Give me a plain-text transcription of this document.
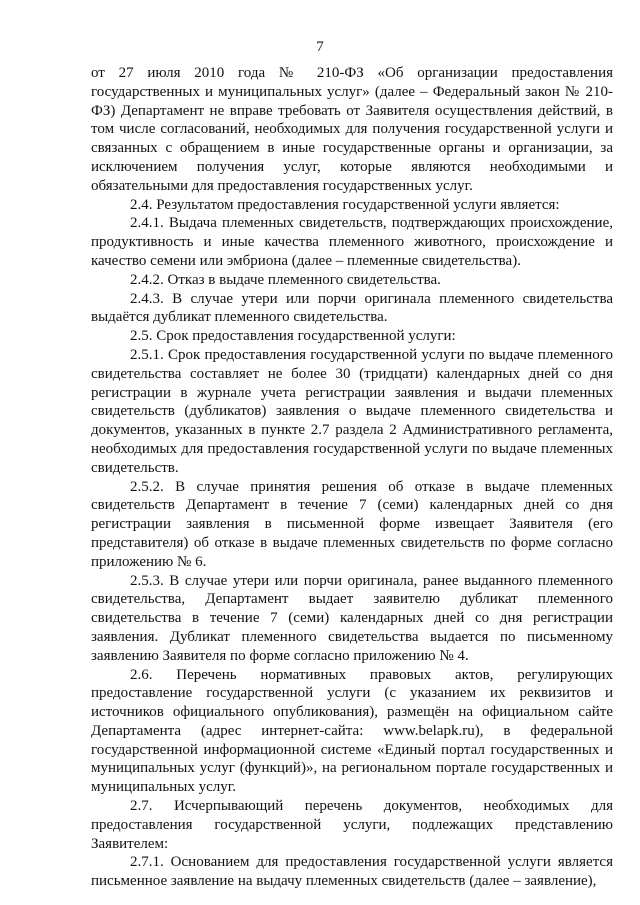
7

от 27 июля 2010 года № 210-ФЗ «Об организации предоставления государственных и муниципальных услуг» (далее – Федеральный закон № 210-ФЗ) Департамент не вправе требовать от Заявителя осуществления действий, в том числе согласований, необходимых для получения государственной услуги и связанных с обращением в иные государственные органы и организации, за исключением получения услуг, которые являются необходимыми и обязательными для предоставления государственных услуг.

2.4. Результатом предоставления государственной услуги является:

2.4.1. Выдача племенных свидетельств, подтверждающих происхождение, продуктивность и иные качества племенного животного, происхождение и качество семени или эмбриона (далее – племенные свидетельства).

2.4.2. Отказ в выдаче племенного свидетельства.

2.4.3. В случае утери или порчи оригинала племенного свидетельства выдаётся дубликат племенного свидетельства.

2.5. Срок предоставления государственной услуги:

2.5.1. Срок предоставления государственной услуги по выдаче племенного свидетельства составляет не более 30 (тридцати) календарных дней со дня регистрации в журнале учета регистрации заявления и выдачи племенных свидетельств (дубликатов) заявления о выдаче племенного свидетельства и документов, указанных в пункте 2.7 раздела 2 Административного регламента, необходимых для предоставления государственной услуги по выдаче племенных свидетельств.

2.5.2. В случае принятия решения об отказе в выдаче племенных свидетельств Департамент в течение 7 (семи) календарных дней со дня регистрации заявления в письменной форме извещает Заявителя (его представителя) об отказе в выдаче племенных свидетельств по форме согласно приложению № 6.

2.5.3. В случае утери или порчи оригинала, ранее выданного племенного свидетельства, Департамент выдает заявителю дубликат племенного свидетельства в течение 7 (семи) календарных дней со дня регистрации заявления. Дубликат племенного свидетельства выдается по письменному заявлению Заявителя по форме согласно приложению № 4.

2.6. Перечень нормативных правовых актов, регулирующих предоставление государственной услуги (с указанием их реквизитов и источников официального опубликования), размещён на официальном сайте Департамента (адрес интернет-сайта: www.belapk.ru), в федеральной государственной информационной системе «Единый портал государственных и муниципальных услуг (функций)», на региональном портале государственных и муниципальных услуг.

2.7. Исчерпывающий перечень документов, необходимых для предоставления государственной услуги, подлежащих представлению Заявителем:

2.7.1. Основанием для предоставления государственной услуги является письменное заявление на выдачу племенных свидетельств (далее – заявление),
